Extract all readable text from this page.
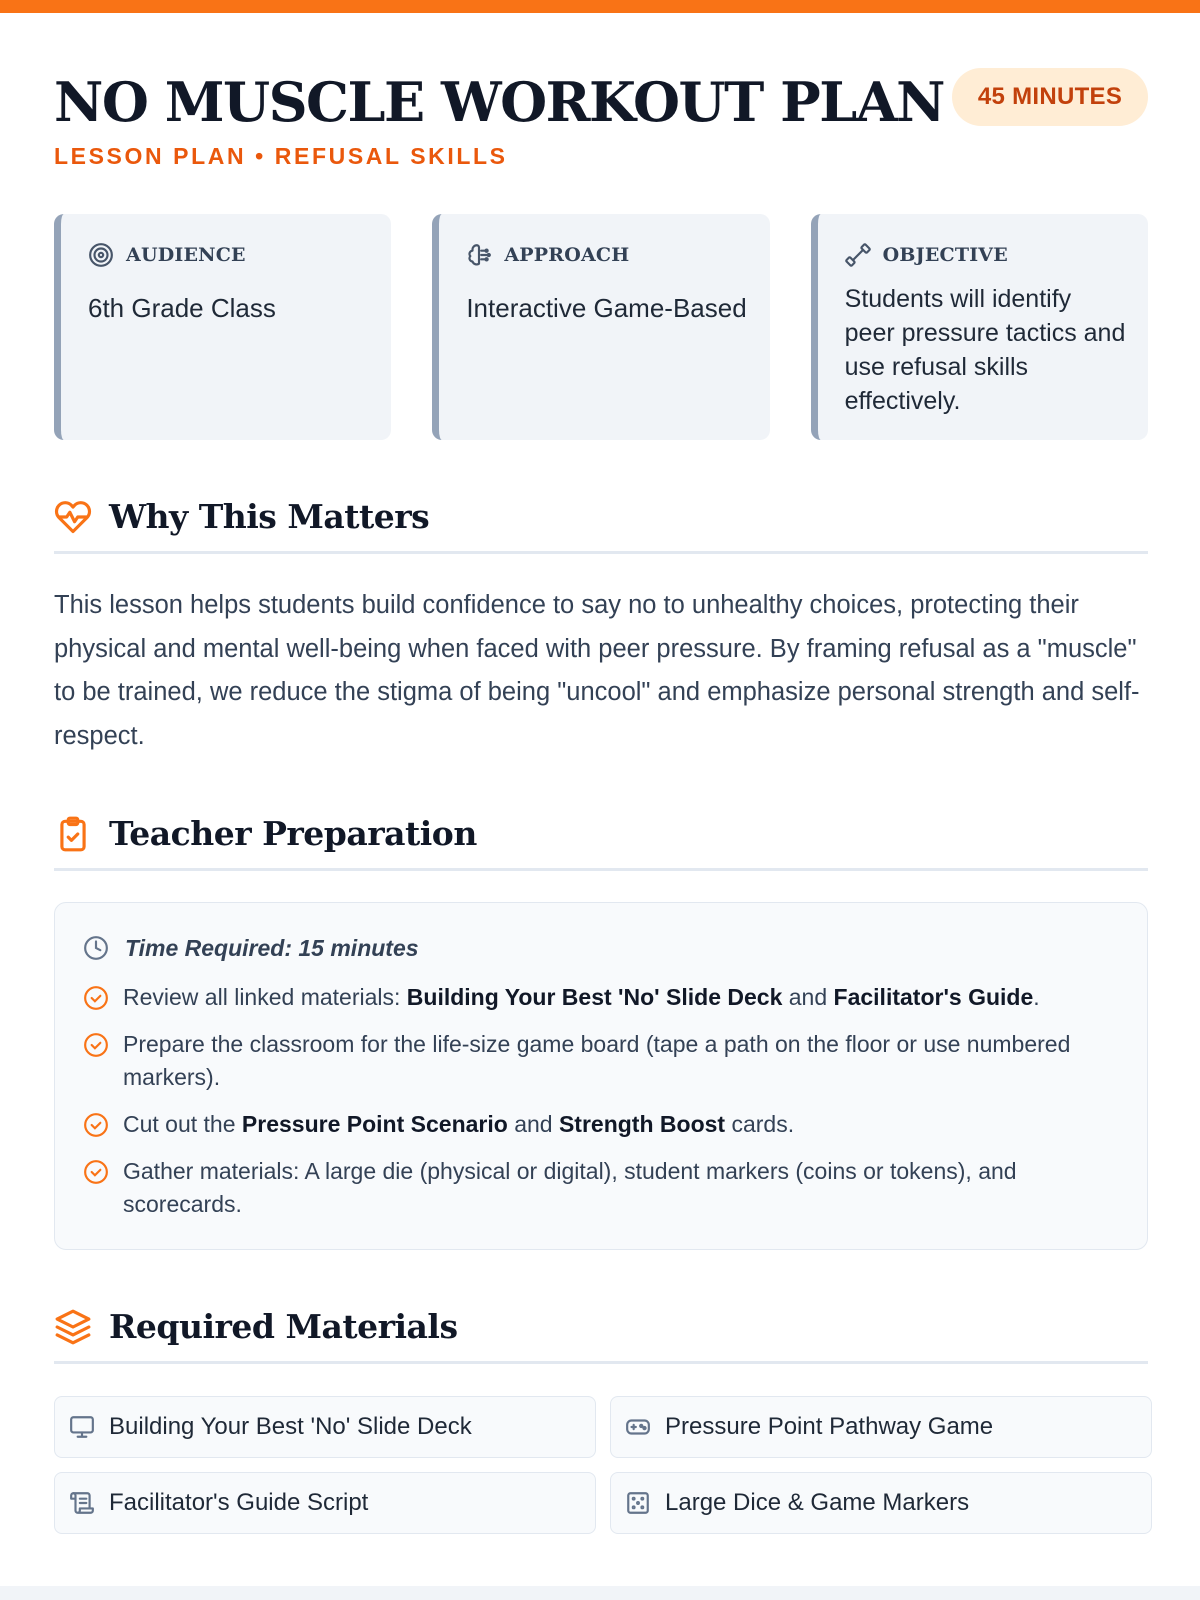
NO MUSCLE WORKOUT PLAN
LESSON PLAN • REFUSAL SKILLS
45 MINUTES
AUDIENCE
6th Grade Class
APPROACH
Interactive Game-Based
OBJECTIVE
Students will identify peer pressure tactics and use refusal skills effectively.
Why This Matters

This lesson helps students build confidence to say no to unhealthy choices, protecting their physical and mental well-being when faced with peer pressure. By framing refusal as a "muscle" to be trained, we reduce the stigma of being "uncool" and emphasize personal strength and self-respect.

Teacher Preparation
Time Required: 15 minutes
Review all linked materials: Building Your Best 'No' Slide Deck and Facilitator's Guide.
Prepare the classroom for the life-size game board (tape a path on the floor or use numbered markers).
Cut out the Pressure Point Scenario and Strength Boost cards.
Gather materials: A large die (physical or digital), student markers (coins or tokens), and scorecards.
Required Materials
Building Your Best 'No' Slide Deck	Pressure Point Pathway Game
Facilitator's Guide Script	Large Dice & Game Markers
